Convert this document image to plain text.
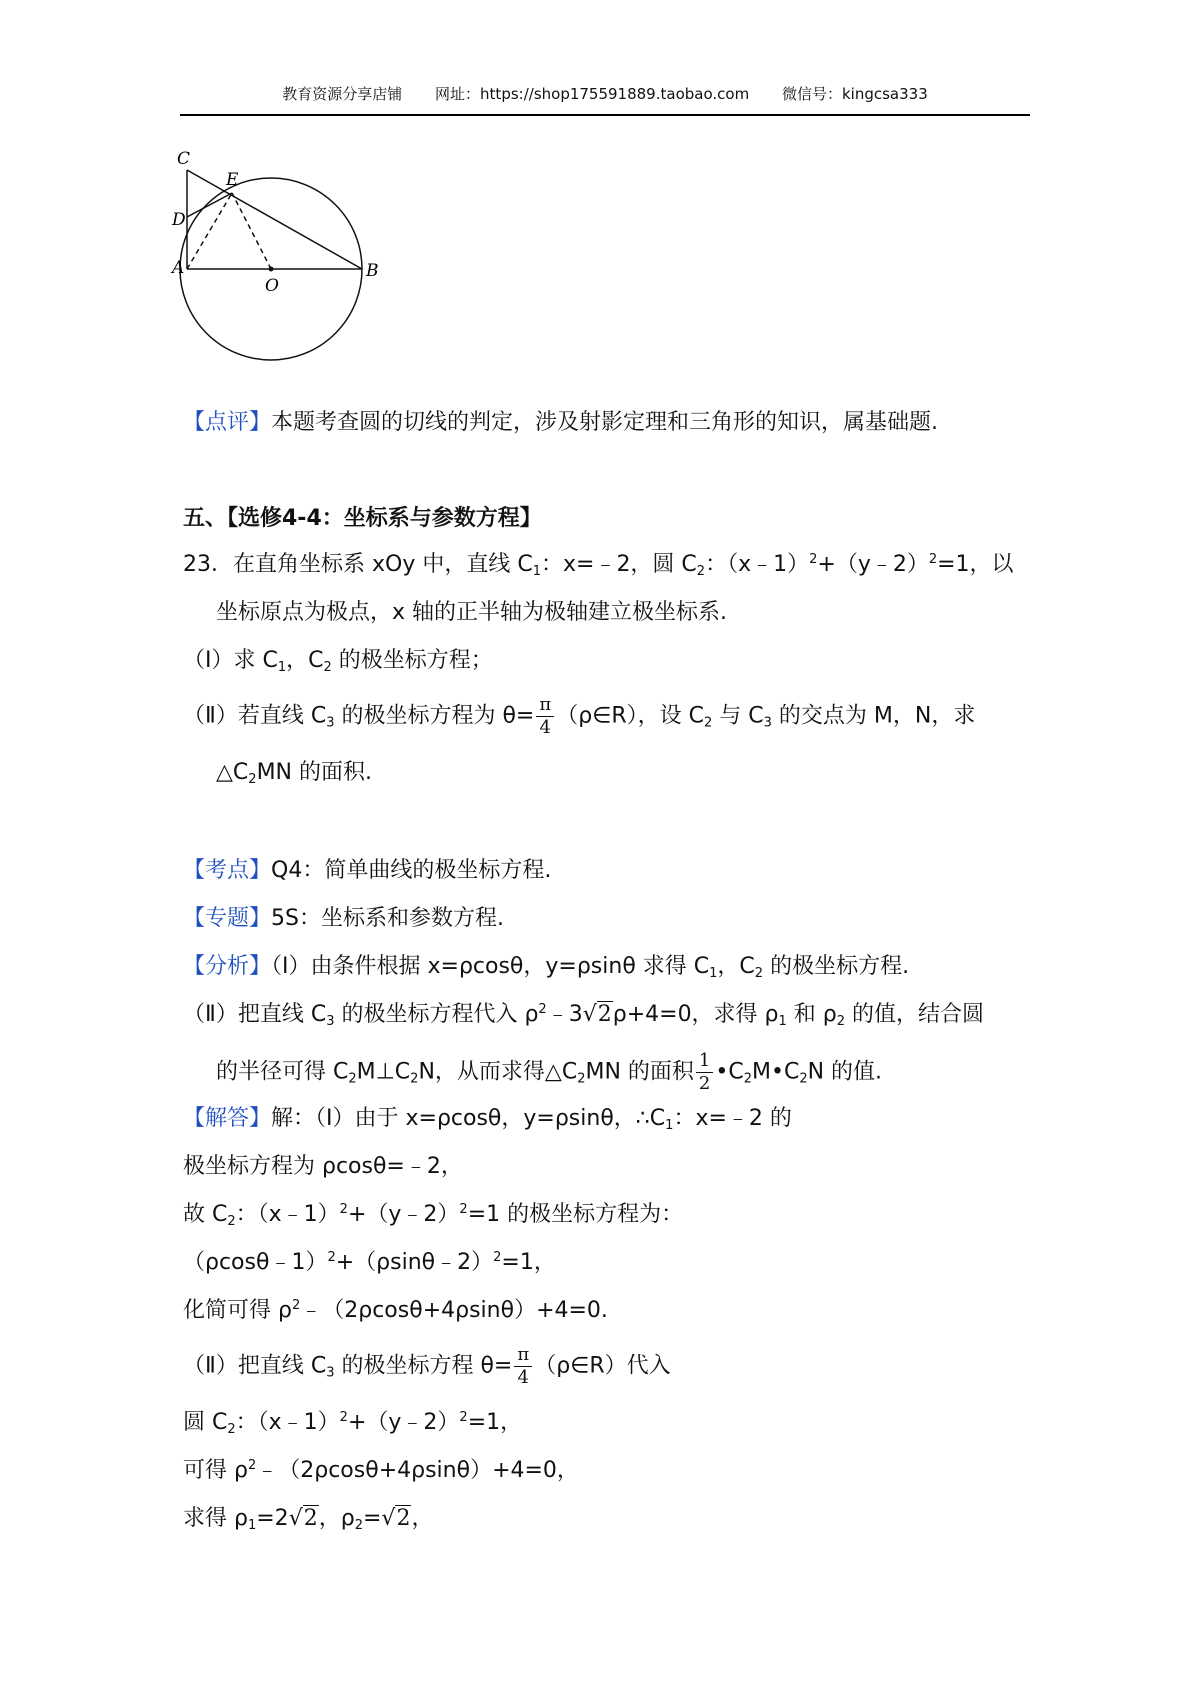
教育资源分享店铺 网址：https://shop175591889.taobao.com 微信号：kingcsa333
C
E
D
A
O
B
【点评】本题考查圆的切线的判定，涉及射影定理和三角形的知识，属基础题.
五、【选修4-4：坐标系与参数方程】
23．在直角坐标系 xOy 中，直线 $C_1$：x=﹣2，圆 $C_2$：（x﹣1）$^2$+（y﹣2）$^2$=1，以
坐标原点为极点，x 轴的正半轴为极轴建立极坐标系.
（Ⅰ）求 $C_1$，$C_2$ 的极坐标方程；
（Ⅱ）若直线 $C_3$ 的极坐标方程为 $\theta= \frac{\pi}{4}$ （ρ∈R），设 $C_2$ 与 $C_3$ 的交点为 M，N，求
$\triangle C_2MN$ 的面积.
【考点】Q4：简单曲线的极坐标方程.
【专题】5S：坐标系和参数方程.
【分析】（Ⅰ）由条件根据 x=ρcosθ，y=ρsinθ 求得 $C_1$，$C_2$ 的极坐标方程.
（Ⅱ）把直线 $C_3$ 的极坐标方程代入 $\rho^2﹣3√2\rho+4=0$，求得 $\rho_1$ 和 $\rho_2$ 的值，结合圆
的半径可得 $C_2M\perp C_2N$，从而求得$\triangle C_2MN$ 的面积 $\frac{1}{2}$ $•C_2M•C_2N$ 的值.
【解答】解：（Ⅰ）由于 x=ρcosθ，y=ρsinθ，$\therefore C_1$：x=﹣2 的
极坐标方程为 ρcosθ=﹣2，
故 $C_2$：（x﹣1）$^2$+（y﹣2）$^2$=1 的极坐标方程为：
（ρcosθ﹣1）$^2$+（ρsinθ﹣2）$^2$=1，
化简可得 $\rho^2﹣(2\rho\cos\theta+4\rho\sin\theta)+4=0$.
（Ⅱ）把直线 $C_3$ 的极坐标方程 $\theta= \frac{\pi}{4}$ （ρ∈R）代入
圆 $C_2$：（x﹣1）$^2$+（y﹣2）$^2$=1，
可得 $\rho^2﹣(2\rho\cos\theta+4\rho\sin\theta)+4=0$，
求得 $\rho_1=2√2$，$\rho_2=√2$，
